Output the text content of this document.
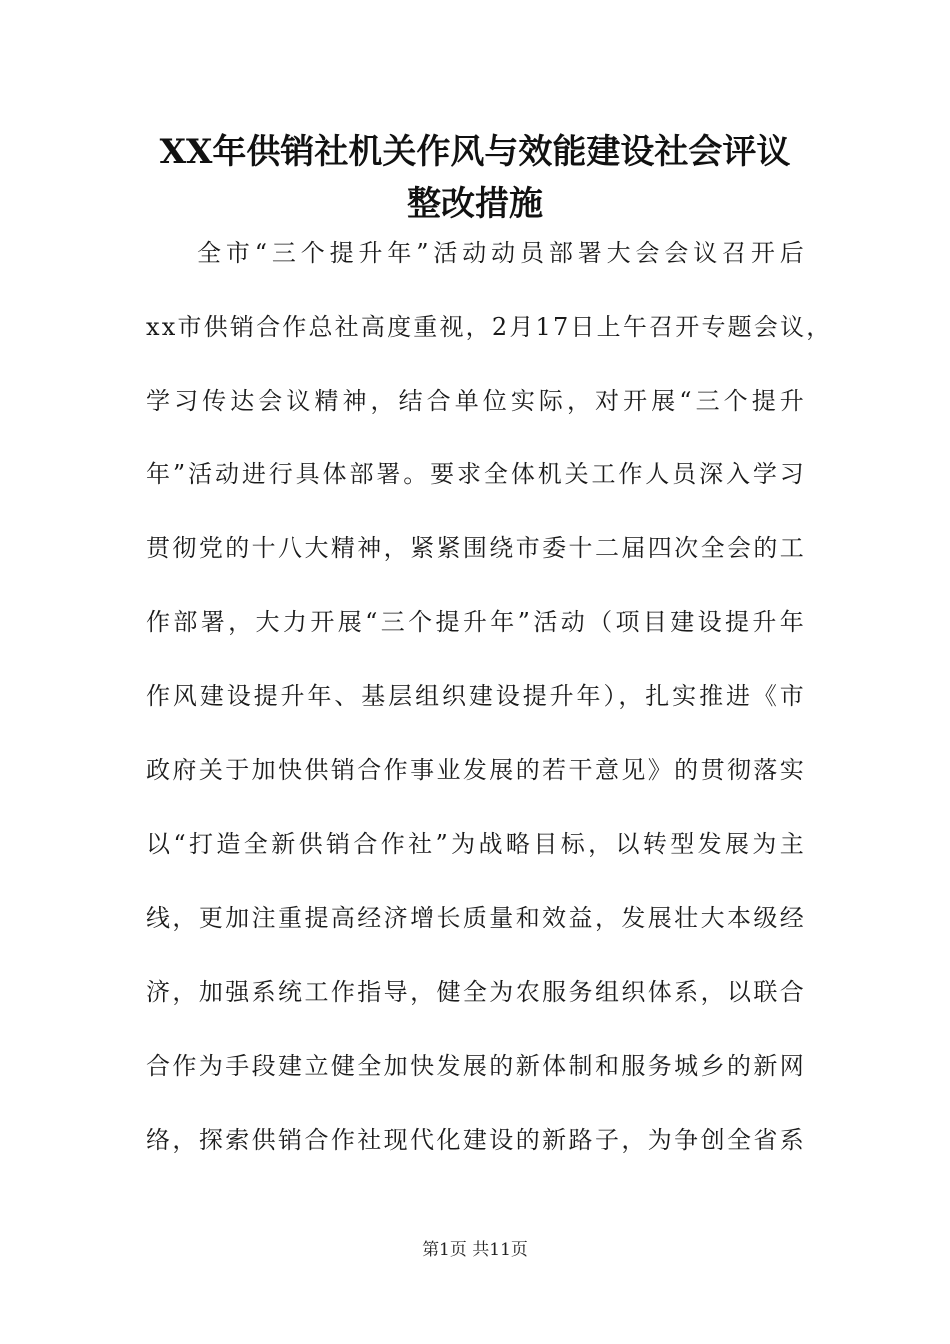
XX年供销社机关作风与效能建设社会评议
整改措施
全市“三个提升年”活动动员部署大会会议召开后
xx市供销合作总社高度重视，2月17日上午召开专题会议，
学习传达会议精神，结合单位实际，对开展“三个提升
年”活动进行具体部署。要求全体机关工作人员深入学习
贯彻党的十八大精神，紧紧围绕市委十二届四次全会的工
作部署，大力开展“三个提升年”活动（项目建设提升年
作风建设提升年、基层组织建设提升年），扎实推进《市
政府关于加快供销合作事业发展的若干意见》的贯彻落实
以“打造全新供销合作社”为战略目标，以转型发展为主
线，更加注重提高经济增长质量和效益，发展壮大本级经
济，加强系统工作指导，健全为农服务组织体系，以联合
合作为手段建立健全加快发展的新体制和服务城乡的新网
络，探索供销合作社现代化建设的新路子，为争创全省系
第1页 共11页
